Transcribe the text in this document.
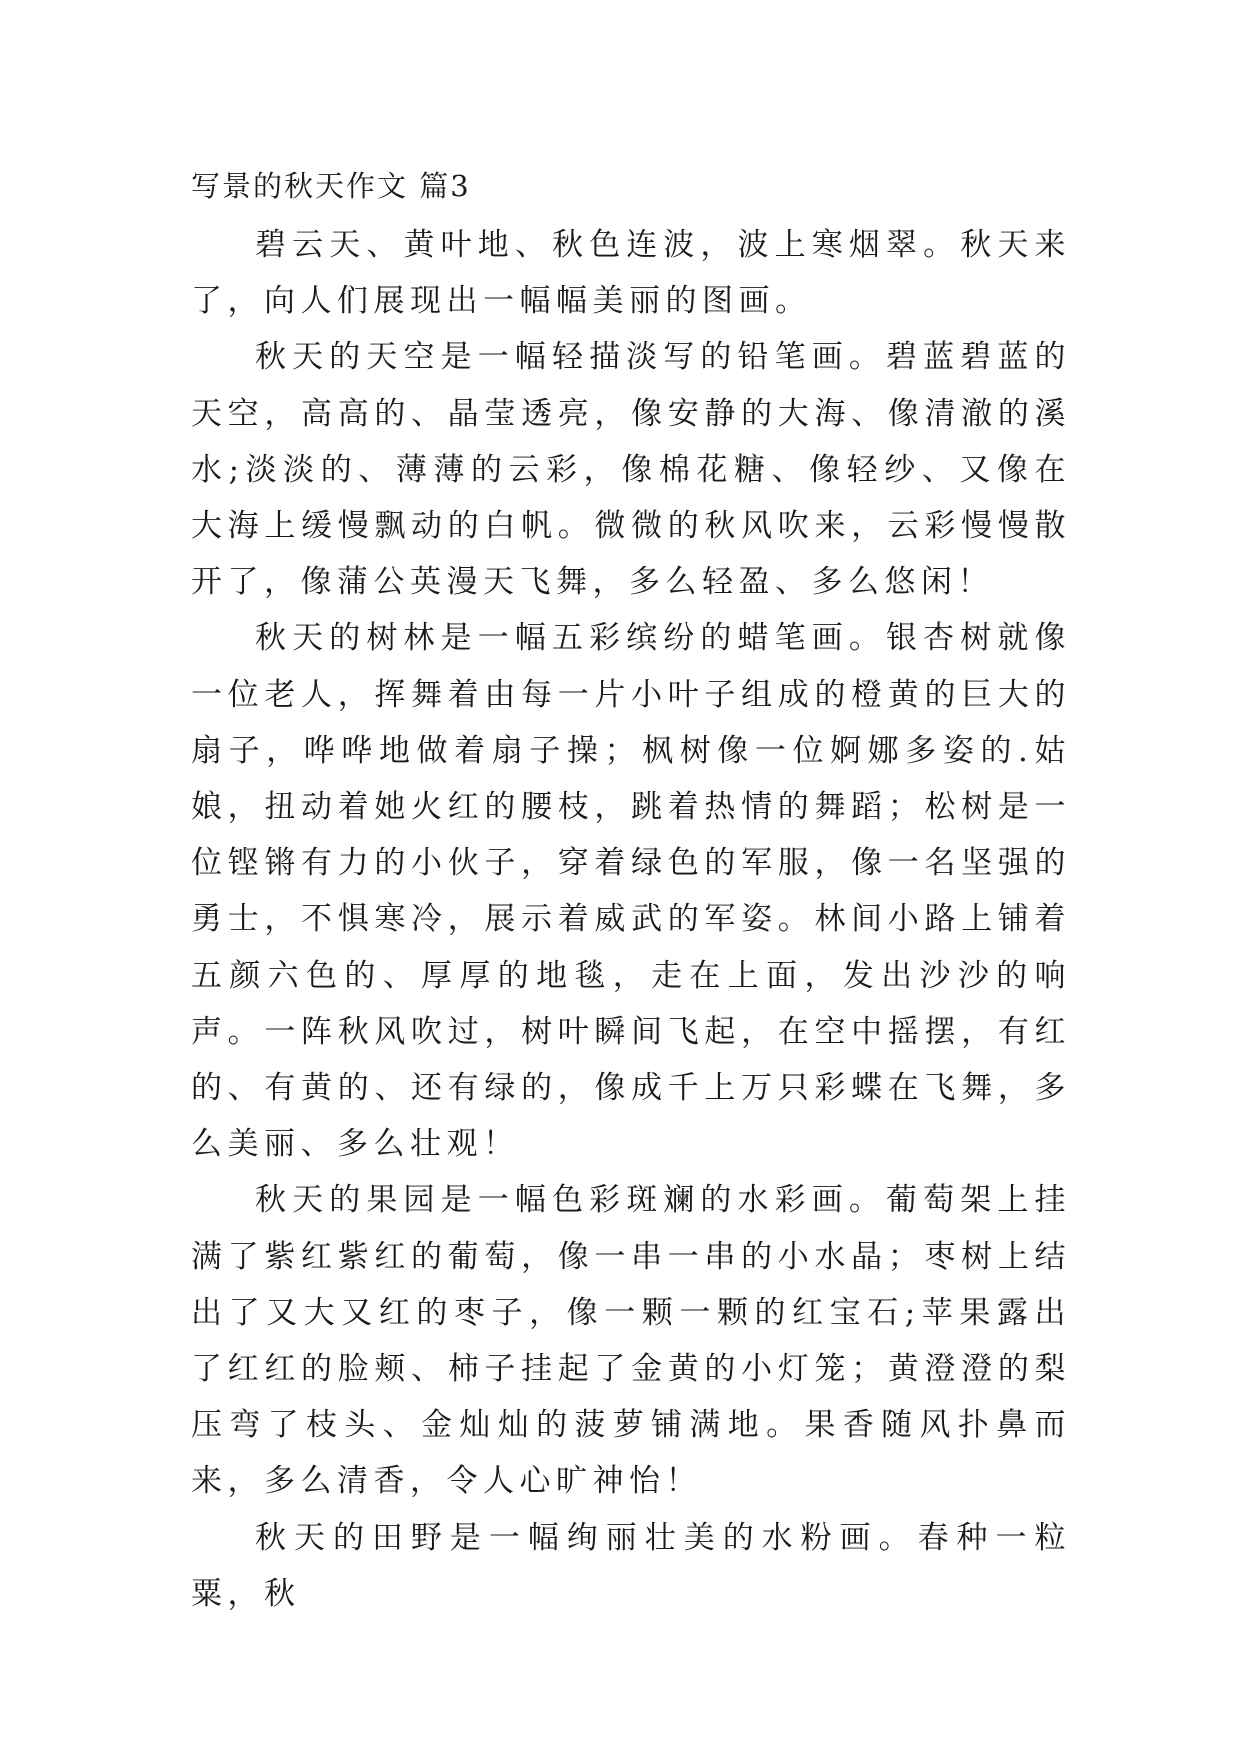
写景的秋天作文 篇3

碧云天、黄叶地、秋色连波，波上寒烟翠。秋天来了，向人们展现出一幅幅美丽的图画。

秋天的天空是一幅轻描淡写的铅笔画。碧蓝碧蓝的天空，高高的、晶莹透亮，像安静的大海、像清澈的溪水;淡淡的、薄薄的云彩，像棉花糖、像轻纱、又像在大海上缓慢飘动的白帆。微微的秋风吹来，云彩慢慢散开了，像蒲公英漫天飞舞，多么轻盈、多么悠闲！

秋天的树林是一幅五彩缤纷的蜡笔画。银杏树就像一位老人，挥舞着由每一片小叶子组成的橙黄的巨大的扇子，哗哗地做着扇子操；枫树像一位婀娜多姿的.姑娘，扭动着她火红的腰枝，跳着热情的舞蹈；松树是一位铿锵有力的小伙子，穿着绿色的军服，像一名坚强的勇士，不惧寒冷，展示着威武的军姿。林间小路上铺着五颜六色的、厚厚的地毯，走在上面，发出沙沙的响声。一阵秋风吹过，树叶瞬间飞起，在空中摇摆，有红的、有黄的、还有绿的，像成千上万只彩蝶在飞舞，多么美丽、多么壮观！

秋天的果园是一幅色彩斑斓的水彩画。葡萄架上挂满了紫红紫红的葡萄，像一串一串的小水晶；枣树上结出了又大又红的枣子，像一颗一颗的红宝石;苹果露出了红红的脸颊、柿子挂起了金黄的小灯笼；黄澄澄的梨压弯了枝头、金灿灿的菠萝铺满地。果香随风扑鼻而来，多么清香，令人心旷神怡！

秋天的田野是一幅绚丽壮美的水粉画。春种一粒粟，秋
